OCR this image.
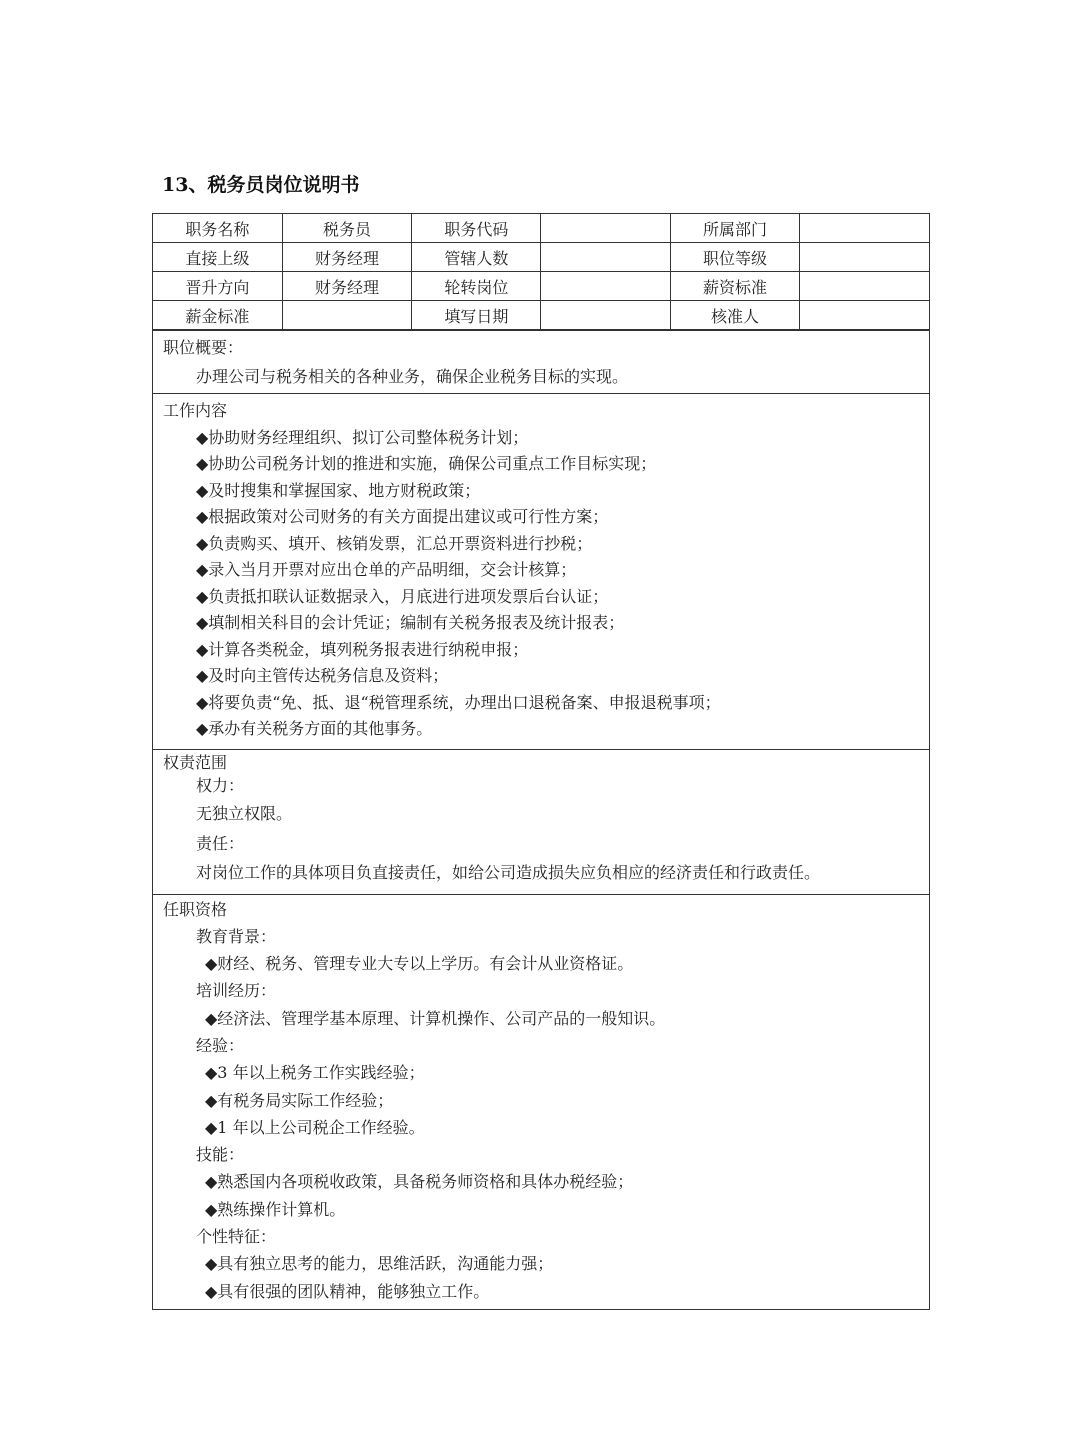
13、税务员岗位说明书
职务名称	税务员	职务代码		所属部门	
直接上级	财务经理	管辖人数		职位等级	
晋升方向	财务经理	轮转岗位		薪资标准	
薪金标准		填写日期		核准人	
职位概要：
办理公司与税务相关的各种业务，确保企业税务目标的实现。
工作内容
◆协助财务经理组织、拟订公司整体税务计划；
◆协助公司税务计划的推进和实施，确保公司重点工作目标实现；
◆及时搜集和掌握国家、地方财税政策；
◆根据政策对公司财务的有关方面提出建议或可行性方案；
◆负责购买、填开、核销发票，汇总开票资料进行抄税；
◆录入当月开票对应出仓单的产品明细，交会计核算；
◆负责抵扣联认证数据录入，月底进行进项发票后台认证；
◆填制相关科目的会计凭证；编制有关税务报表及统计报表；
◆计算各类税金，填列税务报表进行纳税申报；
◆及时向主管传达税务信息及资料；
◆将要负责“免、抵、退“税管理系统，办理出口退税备案、申报退税事项；
◆承办有关税务方面的其他事务。
权责范围
权力：
无独立权限。
责任：
对岗位工作的具体项目负直接责任，如给公司造成损失应负相应的经济责任和行政责任。
任职资格
教育背景：
◆财经、税务、管理专业大专以上学历。有会计从业资格证。
培训经历：
◆经济法、管理学基本原理、计算机操作、公司产品的一般知识。
经验：
◆3 年以上税务工作实践经验；
◆有税务局实际工作经验；
◆1 年以上公司税企工作经验。
技能：
◆熟悉国内各项税收政策，具备税务师资格和具体办税经验；
◆熟练操作计算机。
个性特征：
◆具有独立思考的能力，思维活跃，沟通能力强；
◆具有很强的团队精神，能够独立工作。
